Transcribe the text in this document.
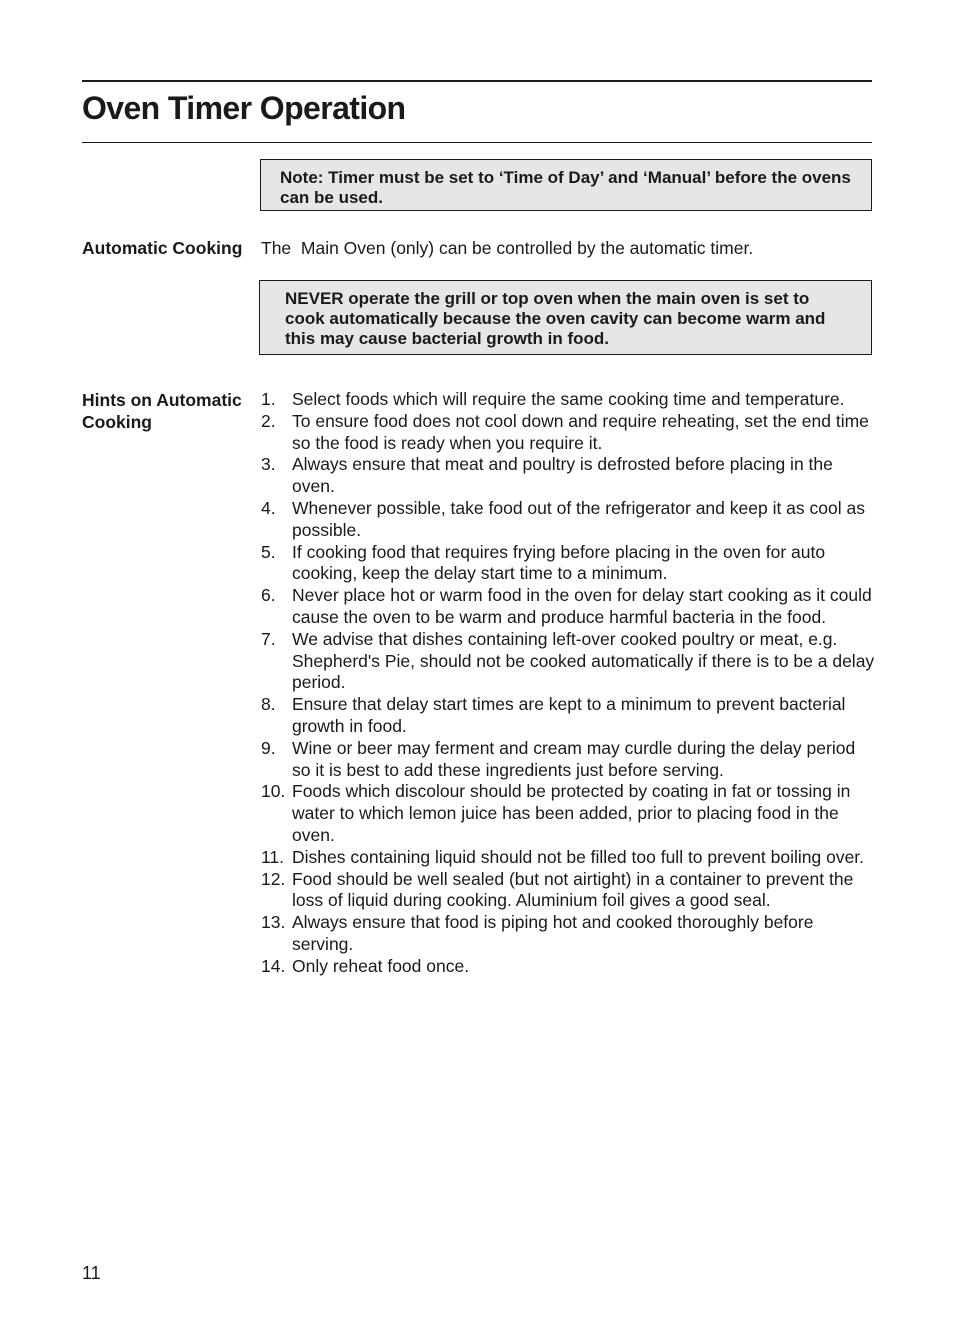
Oven Timer Operation
Note: Timer must be set to ‘Time of Day’ and ‘Manual’ before the ovens can be used.
Automatic Cooking The  Main Oven (only) can be controlled by the automatic timer.
NEVER operate the grill or top oven when the main oven is set to cook automatically because the oven cavity can become warm and this may cause bacterial growth in food.
Hints on Automatic Cooking
1. Select foods which will require the same cooking time and temperature.
2. To ensure food does not cool down and require reheating, set the end time so the food is ready when you require it.
3. Always ensure that meat and poultry is defrosted before placing in the oven.
4. Whenever possible, take food out of the refrigerator and keep it as cool as possible.
5. If cooking food that requires frying before placing in the oven for auto cooking, keep the delay start time to a minimum.
6. Never place hot or warm food in the oven for delay start cooking as it could cause the oven to be warm and produce harmful bacteria in the food.
7. We advise that dishes containing left-over cooked poultry or meat, e.g. Shepherd's Pie, should not be cooked automatically if there is to be a delay period.
8. Ensure that delay start times are kept to a minimum to prevent bacterial growth in food.
9. Wine or beer may ferment and cream may curdle during the delay period so it is best to add these ingredients just before serving.
10. Foods which discolour should be protected by coating in fat or tossing in water to which lemon juice has been added, prior to placing food in the oven.
11. Dishes containing liquid should not be filled too full to prevent boiling over.
12. Food should be well sealed (but not airtight) in a container to prevent the loss of liquid during cooking. Aluminium foil gives a good seal.
13. Always ensure that food is piping hot and cooked thoroughly before serving.
14. Only reheat food once.
11
